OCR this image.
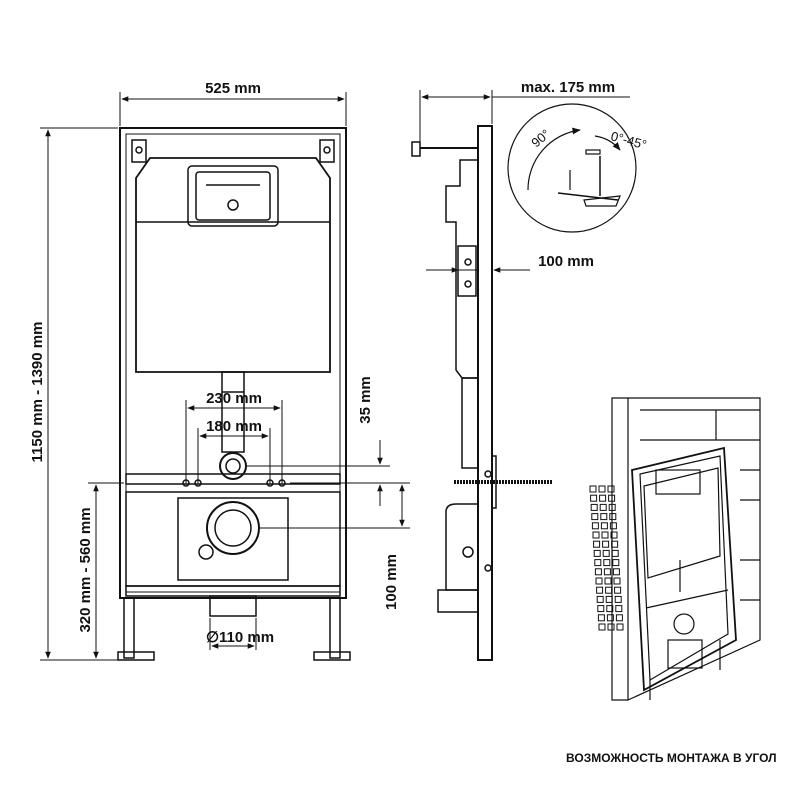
525 mm
1150 mm - 1390 mm
320 mm - 560 mm
230 mm
180 mm
35 mm
100 mm
∅110 mm
max. 175 mm
100 mm
90°	0°-45°
ВОЗМОЖНОСТЬ МОНТАЖА В УГОЛ
